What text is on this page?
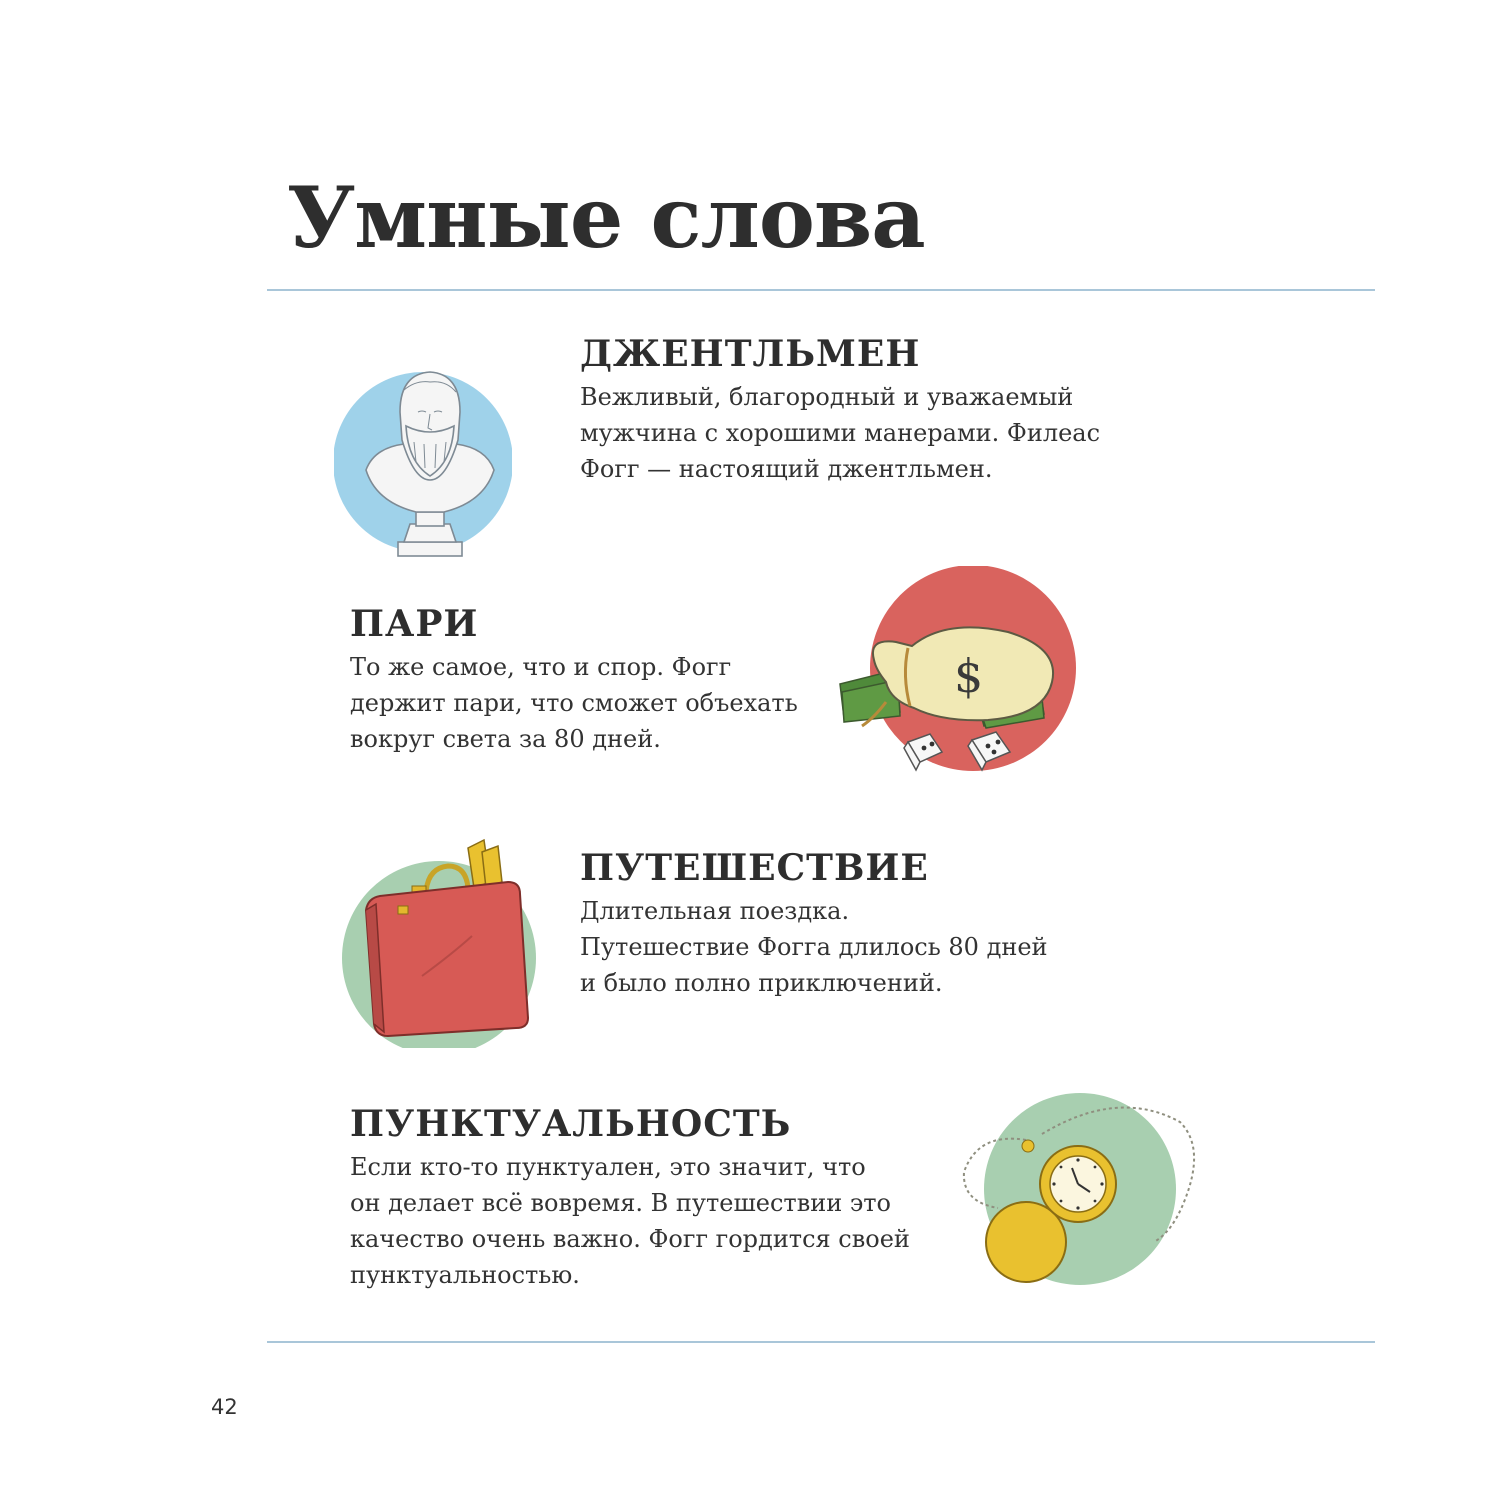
Умные слова
ДЖЕНТЛЬМЕН

Вежливый, благородный и уважаемый
мужчина с хорошими манерами. Филеас
Фогг — настоящий джентльмен.

ПАРИ

То же самое, что и спор. Фогг
держит пари, что сможет объехать
вокруг света за 80 дней.

$
ПУТЕШЕСТВИЕ

Длительная поездка.
Путешествие Фогга длилось 80 дней
и было полно приключений.

ПУНКТУАЛЬНОСТЬ

Если кто-то пунктуален, это значит, что
он делает всё вовремя. В путешествии это
качество очень важно. Фогг гордится своей
пунктуальностью.

42
